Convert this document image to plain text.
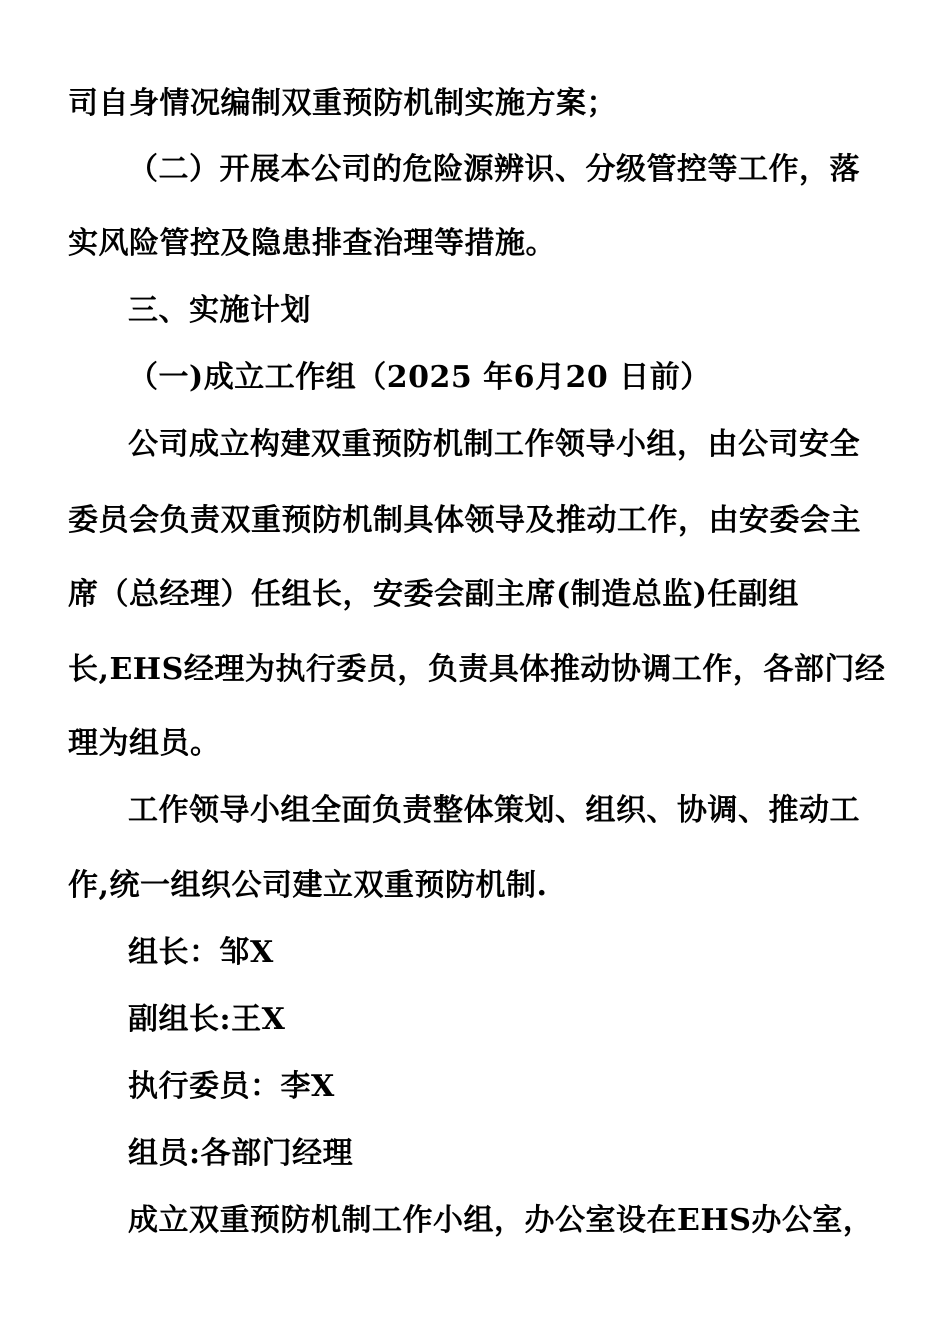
司自身情况编制双重预防机制实施方案；
（二）开展本公司的危险源辨识、分级管控等工作，落
实风险管控及隐患排查治理等措施。
三、实施计划
（一)成立工作组（2025 年6月20 日前）
公司成立构建双重预防机制工作领导小组，由公司安全
委员会负责双重预防机制具体领导及推动工作，由安委会主
席（总经理）任组长，安委会副主席(制造总监)任副组
长,EHS经理为执行委员，负责具体推动协调工作，各部门经
理为组员。
工作领导小组全面负责整体策划、组织、协调、推动工
作,统一组织公司建立双重预防机制.
组长：邹X
副组长:王X
执行委员：李X
组员:各部门经理
成立双重预防机制工作小组，办公室设在EHS办公室，
